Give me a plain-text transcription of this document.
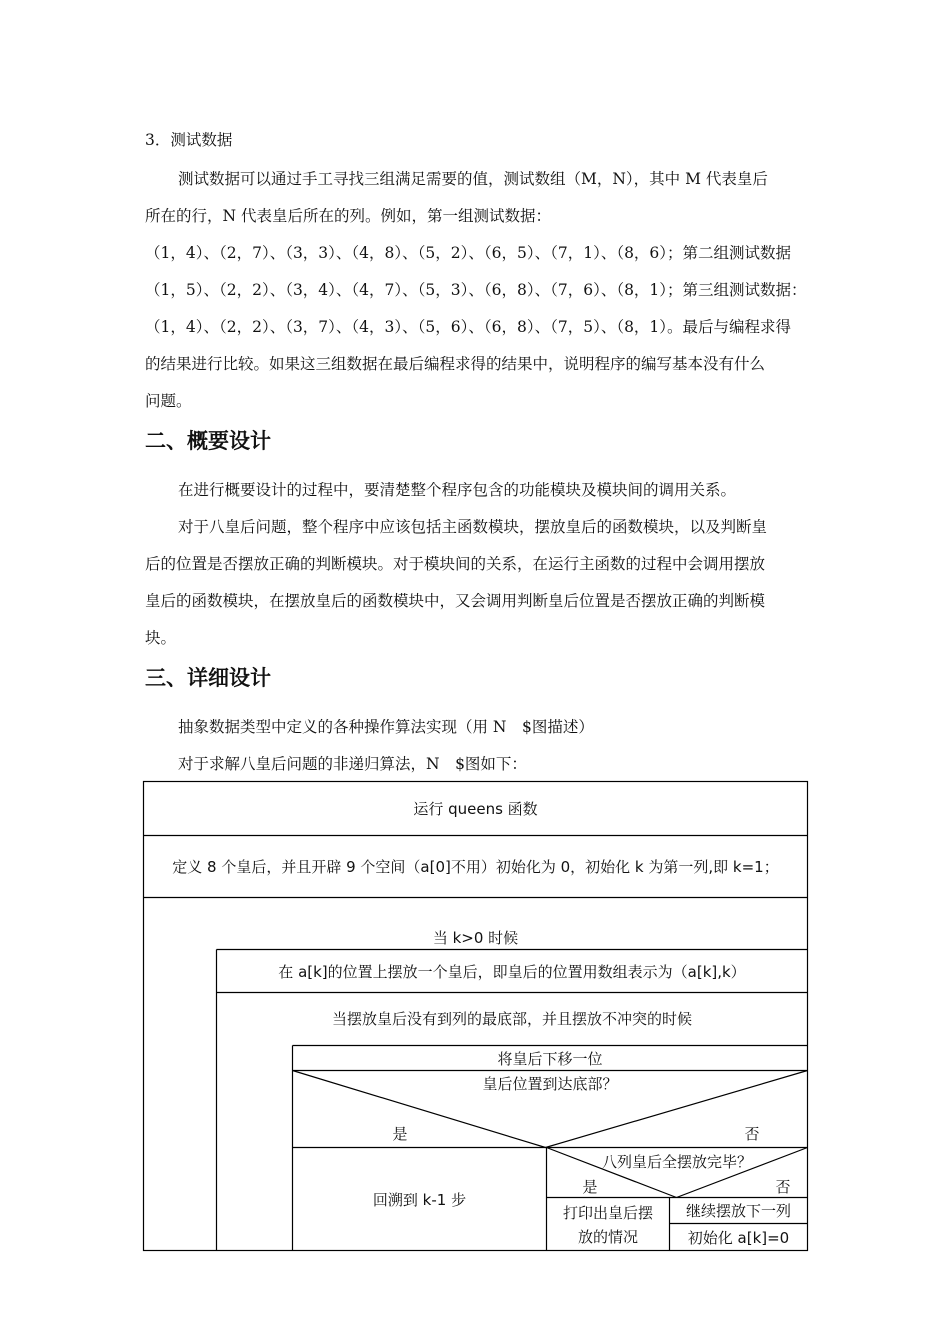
3．测试数据
测试数据可以通过手工寻找三组满足需要的值，测试数组（M，N），其中 M 代表皇后
所在的行，N 代表皇后所在的列。例如，第一组测试数据：
（1，4）、（2，7）、（3，3）、（4，8）、（5，2）、（6，5）、（7，1）、（8，6）；第二组测试数据
（1，5）、（2，2）、（3，4）、（4，7）、（5，3）、（6，8）、（7，6）、（8，1）；第三组测试数据：
（1，4）、（2，2）、（3，7）、（4，3）、（5，6）、（6，8）、（7，5）、（8，1）。最后与编程求得
的结果进行比较。如果这三组数据在最后编程求得的结果中，说明程序的编写基本没有什么
问题。
二、概要设计
在进行概要设计的过程中，要清楚整个程序包含的功能模块及模块间的调用关系。
对于八皇后问题，整个程序中应该包括主函数模块，摆放皇后的函数模块，以及判断皇
后的位置是否摆放正确的判断模块。对于模块间的关系，在运行主函数的过程中会调用摆放
皇后的函数模块，在摆放皇后的函数模块中，又会调用判断皇后位置是否摆放正确的判断模
块。
三、详细设计
抽象数据类型中定义的各种操作算法实现（用 N　$图描述）
对于求解八皇后问题的非递归算法，N　$图如下：
运行 queens 函数
定义 8 个皇后，并且开辟 9 个空间（a[0]不用）初始化为 0，初始化 k 为第一列,即 k=1；
当 k>0 时候
在 a[k]的位置上摆放一个皇后，即皇后的位置用数组表示为（a[k],k）
当摆放皇后没有到列的最底部，并且摆放不冲突的时候
将皇后下移一位
皇后位置到达底部？
是	否
回溯到 k-1 步
八列皇后全摆放完毕？
是	否
打印出皇后摆
放的情况
继续摆放下一列
初始化 a[k]=0
